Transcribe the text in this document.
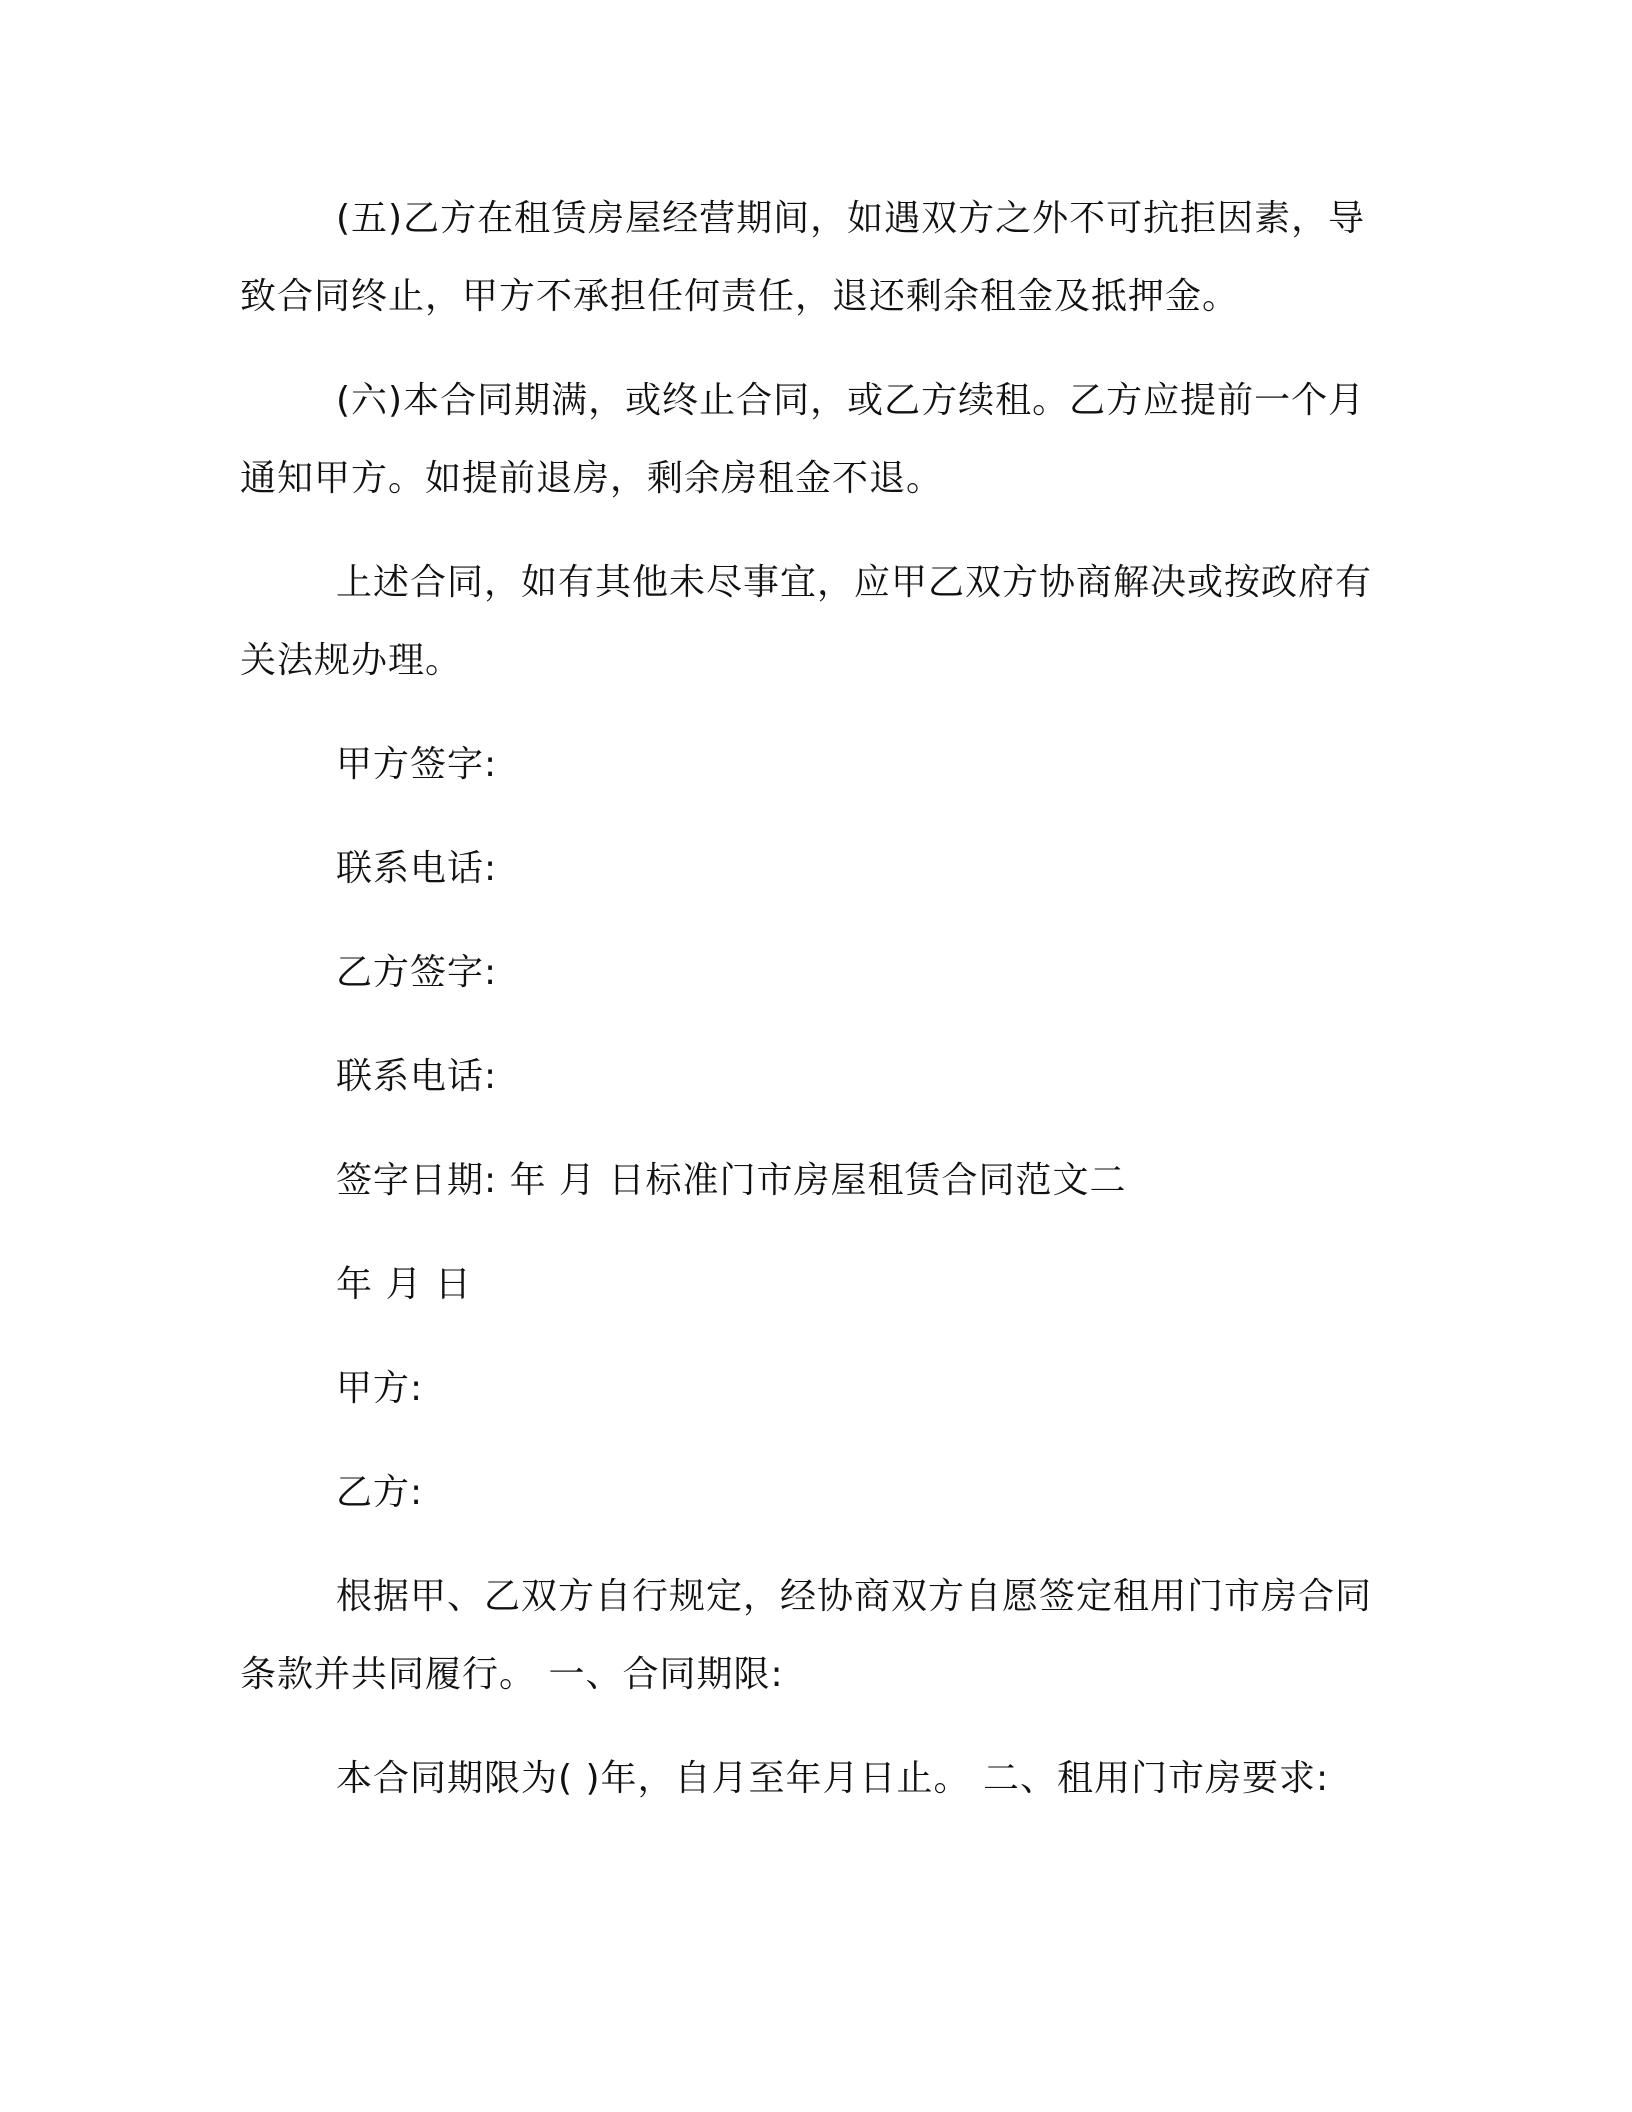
(五)乙方在租赁房屋经营期间，如遇双方之外不可抗拒因素，导致合同终止，甲方不承担任何责任，退还剩余租金及抵押金。

(六)本合同期满，或终止合同，或乙方续租。乙方应提前一个月通知甲方。如提前退房，剩余房租金不退。

上述合同，如有其他未尽事宜，应甲乙双方协商解决或按政府有关法规办理。

甲方签字:
联系电话:
乙方签字:
联系电话:
签字日期: 年 月 日标准门市房屋租赁合同范文二
年 月 日
甲方:
乙方:

根据甲、乙双方自行规定，经协商双方自愿签定租用门市房合同条款并共同履行。 一、合同期限:

本合同期限为( )年，自月至年月日止。 二、租用门市房要求:
